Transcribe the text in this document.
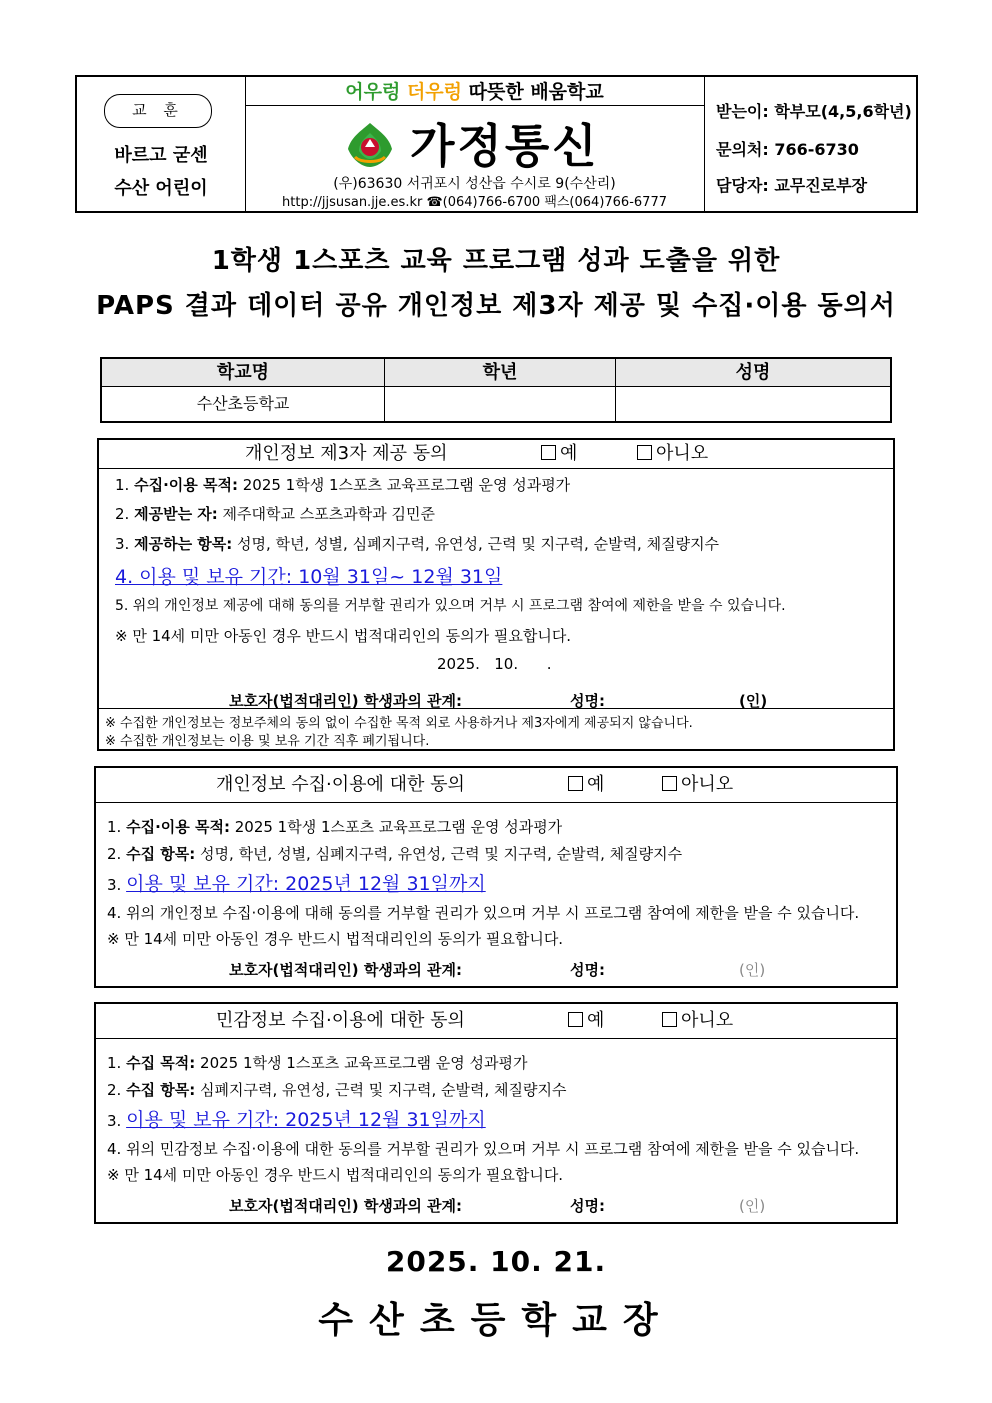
교 훈
바르고 굳센
수산 어린이
어우렁 더우렁 따뜻한 배움학교
가정통신
(우)63630 서귀포시 성산읍 수시로 9(수산리)
http://jjsusan.jje.es.kr ☎(064)766-6700 팩스(064)766-6777
받는이: 학부모(4,5,6학년)
문의처: 766-6730
담당자: 교무진로부장
1학생 1스포츠 교육 프로그램 성과 도출을 위한
PAPS 결과 데이터 공유 개인정보 제3자 제공 및 수집·이용 동의서
학교명	학년	성명
수산초등학교
개인정보 제3자 제공 동의	예	아니오
1. 수집·이용 목적: 2025 1학생 1스포츠 교육프로그램 운영 성과평가
2. 제공받는 자: 제주대학교 스포츠과학과 김민준
3. 제공하는 항목: 성명, 학년, 성별, 심폐지구력, 유연성, 근력 및 지구력, 순발력, 체질량지수
4. 이용 및 보유 기간: 10월 31일~ 12월 31일
5. 위의 개인정보 제공에 대해 동의를 거부할 권리가 있으며 거부 시 프로그램 참여에 제한을 받을 수 있습니다.
※ 만 14세 미만 아동인 경우 반드시 법적대리인의 동의가 필요합니다.
2025.   10.      .
보호자(법적대리인) 학생과의 관계:	성명:	(인)
※ 수집한 개인정보는 정보주체의 동의 없이 수집한 목적 외로 사용하거나 제3자에게 제공되지 않습니다.
※ 수집한 개인정보는 이용 및 보유 기간 직후 폐기됩니다.
개인정보 수집·이용에 대한 동의	예	아니오
1. 수집·이용 목적: 2025 1학생 1스포츠 교육프로그램 운영 성과평가
2. 수집 항목: 성명, 학년, 성별, 심폐지구력, 유연성, 근력 및 지구력, 순발력, 체질량지수
3. 이용 및 보유 기간: 2025년 12월 31일까지
4. 위의 개인정보 수집·이용에 대해 동의를 거부할 권리가 있으며 거부 시 프로그램 참여에 제한을 받을 수 있습니다.
※ 만 14세 미만 아동인 경우 반드시 법적대리인의 동의가 필요합니다.
보호자(법적대리인) 학생과의 관계:	성명:	(인)
민감정보 수집·이용에 대한 동의	예	아니오
1. 수집 목적: 2025 1학생 1스포츠 교육프로그램 운영 성과평가
2. 수집 항목: 심폐지구력, 유연성, 근력 및 지구력, 순발력, 체질량지수
3. 이용 및 보유 기간: 2025년 12월 31일까지
4. 위의 민감정보 수집·이용에 대한 동의를 거부할 권리가 있으며 거부 시 프로그램 참여에 제한을 받을 수 있습니다.
※ 만 14세 미만 아동인 경우 반드시 법적대리인의 동의가 필요합니다.
보호자(법적대리인) 학생과의 관계:	성명:	(인)
2025. 10. 21.
수산초등학교장
